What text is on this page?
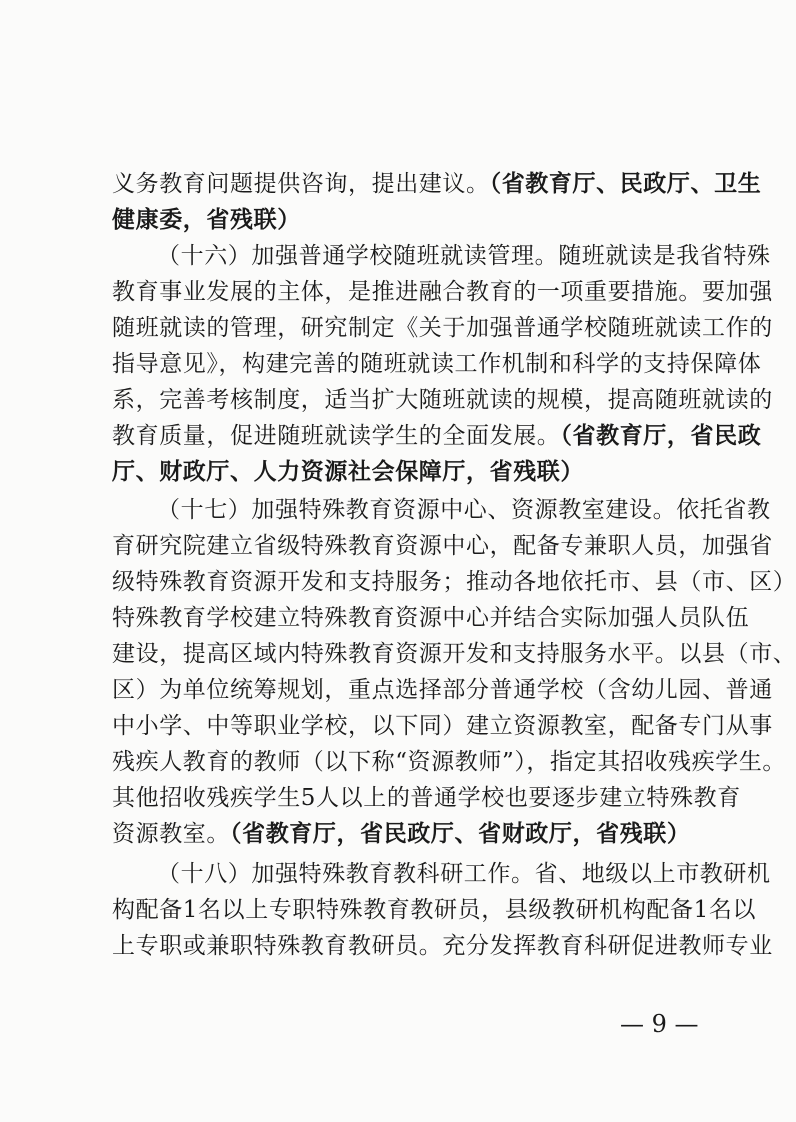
义务教育问题提供咨询，提出建议。（省教育厅、民政厅、卫生
健康委，省残联）
（十六）加强普通学校随班就读管理。随班就读是我省特殊
教育事业发展的主体，是推进融合教育的一项重要措施。要加强
随班就读的管理，研究制定《关于加强普通学校随班就读工作的
指导意见》，构建完善的随班就读工作机制和科学的支持保障体
系，完善考核制度，适当扩大随班就读的规模，提高随班就读的
教育质量，促进随班就读学生的全面发展。（省教育厅，省民政
厅、财政厅、人力资源社会保障厅，省残联）
（十七）加强特殊教育资源中心、资源教室建设。依托省教
育研究院建立省级特殊教育资源中心，配备专兼职人员，加强省
级特殊教育资源开发和支持服务；推动各地依托市、县（市、区）
特殊教育学校建立特殊教育资源中心并结合实际加强人员队伍
建设，提高区域内特殊教育资源开发和支持服务水平。以县（市、
区）为单位统筹规划，重点选择部分普通学校（含幼儿园、普通
中小学、中等职业学校，以下同）建立资源教室，配备专门从事
残疾人教育的教师（以下称“资源教师”），指定其招收残疾学生。
其他招收残疾学生5人以上的普通学校也要逐步建立特殊教育
资源教室。（省教育厅，省民政厅、省财政厅，省残联）
（十八）加强特殊教育教科研工作。省、地级以上市教研机
构配备1名以上专职特殊教育教研员，县级教研机构配备1名以
上专职或兼职特殊教育教研员。充分发挥教育科研促进教师专业
— 9 —
